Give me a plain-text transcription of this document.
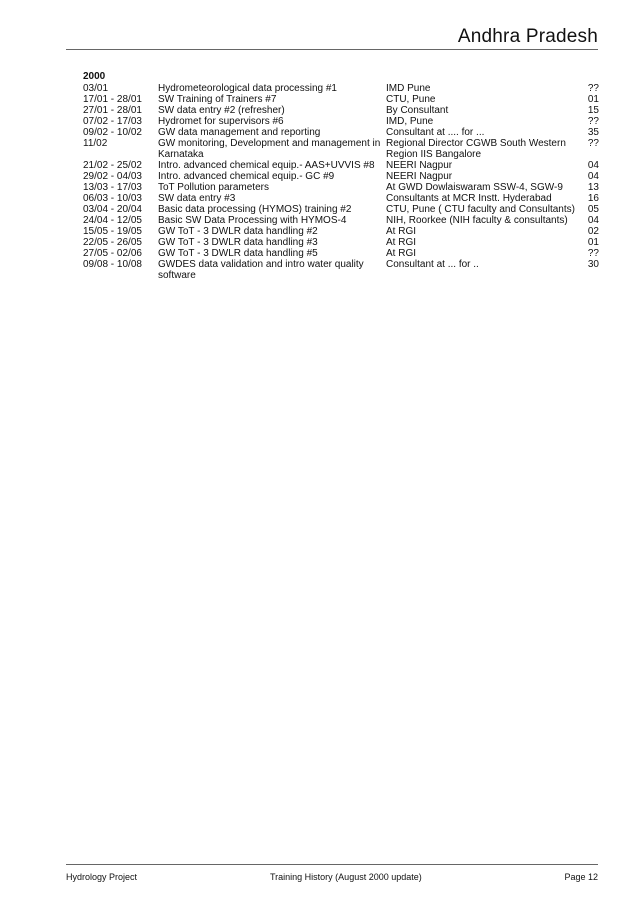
Andhra Pradesh
2000
03/01	Hydrometeorological data processing #1	IMD Pune	??
17/01 - 28/01	SW Training of Trainers #7	CTU, Pune	01
27/01 - 28/01	SW data entry #2 (refresher)	By Consultant	15
07/02 - 17/03	Hydromet for supervisors #6	IMD, Pune	??
09/02 - 10/02	GW data management and reporting	Consultant at .... for ...	35
11/02	GW monitoring, Development and management in Karnataka	Regional Director CGWB South Western Region IIS Bangalore	??
21/02 - 25/02	Intro. advanced chemical equip.- AAS+UVVIS #8	NEERI Nagpur	04
29/02 - 04/03	Intro. advanced chemical equip.- GC #9	NEERI Nagpur	04
13/03 - 17/03	ToT Pollution parameters	At GWD Dowlaiswaram SSW-4, SGW-9	13
06/03 - 10/03	SW data entry #3	Consultants at MCR Instt. Hyderabad	16
03/04 - 20/04	Basic data processing (HYMOS) training #2	CTU, Pune ( CTU faculty and Consultants)	05
24/04 - 12/05	Basic SW Data Processing with HYMOS-4	NIH, Roorkee (NIH faculty & consultants)	04
15/05 - 19/05	GW ToT - 3 DWLR data handling #2	At RGI	02
22/05 - 26/05	GW ToT - 3 DWLR data handling #3	At RGI	01
27/05 - 02/06	GW ToT - 3 DWLR data handling #5	At RGI	??
09/08 - 10/08	GWDES data validation and intro water quality software	Consultant at ... for ..	30
Hydrology Project	Training History (August 2000 update)	Page 12
